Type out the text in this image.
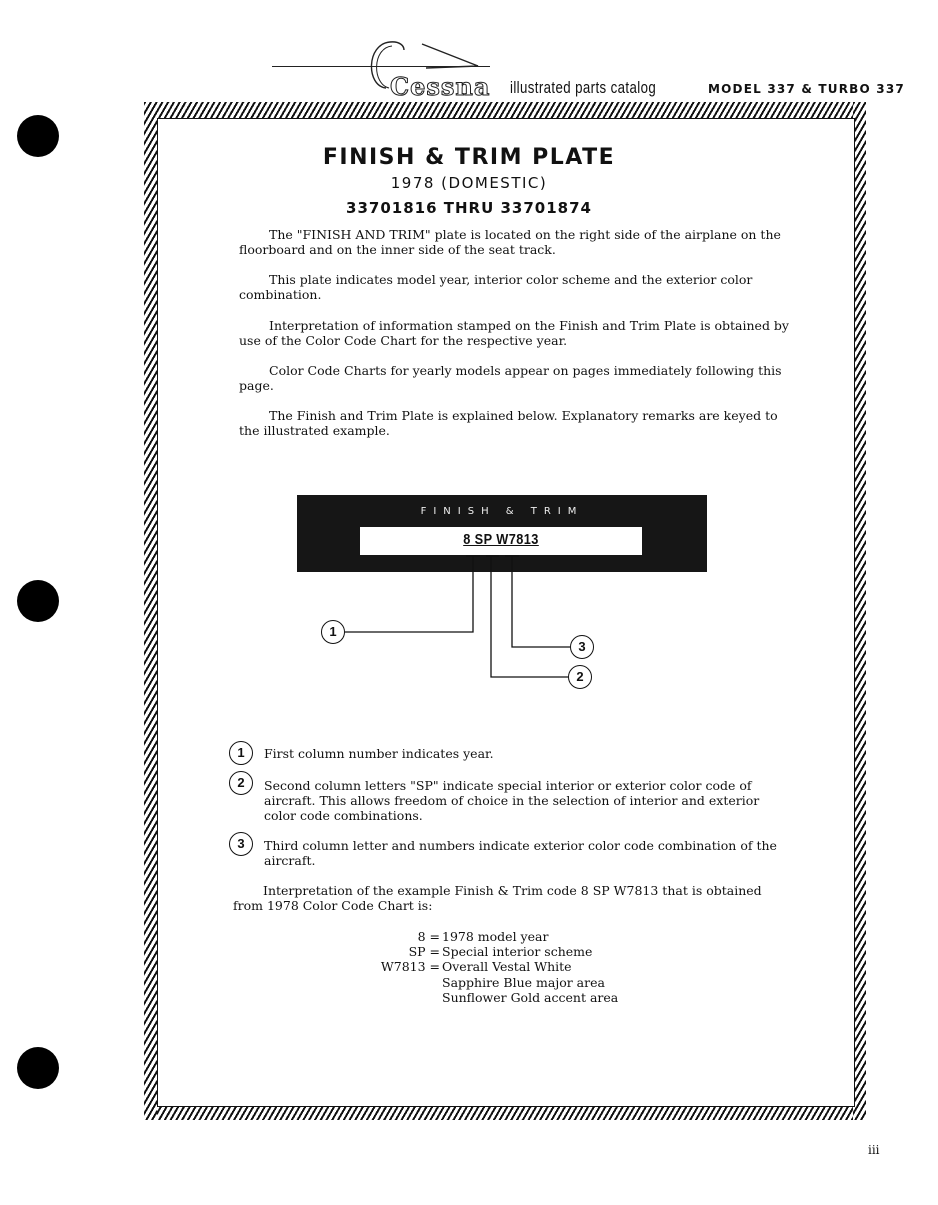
Cessna illustrated parts catalog	MODEL 337 & TURBO 337
FINISH & TRIM PLATE
1978 (DOMESTIC)
33701816 THRU 33701874
The "FINISH AND TRIM" plate is located on the right side of the airplane on the floorboard and on the inner side of the seat track.
This plate indicates model year, interior color scheme and the exterior color combination.
Interpretation of information stamped on the Finish and Trim Plate is obtained by use of the Color Code Chart for the respective year.
Color Code Charts for yearly models appear on pages immediately following this page.
The Finish and Trim Plate is explained below. Explanatory remarks are keyed to the illustrated example.
FINISH & TRIM
8 SP W7813
1
3
2
1	First column number indicates year.
2	Second column letters "SP" indicate special interior or exterior color code of aircraft. This allows freedom of choice in the selection of interior and exterior color code combinations.
3	Third column letter and numbers indicate exterior color code combination of the aircraft.
Interpretation of the example Finish & Trim code 8 SP W7813 that is obtained from 1978 Color Code Chart is:
8 = 1978 model year
SP = Special interior scheme
W7813 = Overall Vestal White
Sapphire Blue major area
Sunflower Gold accent area
iii
